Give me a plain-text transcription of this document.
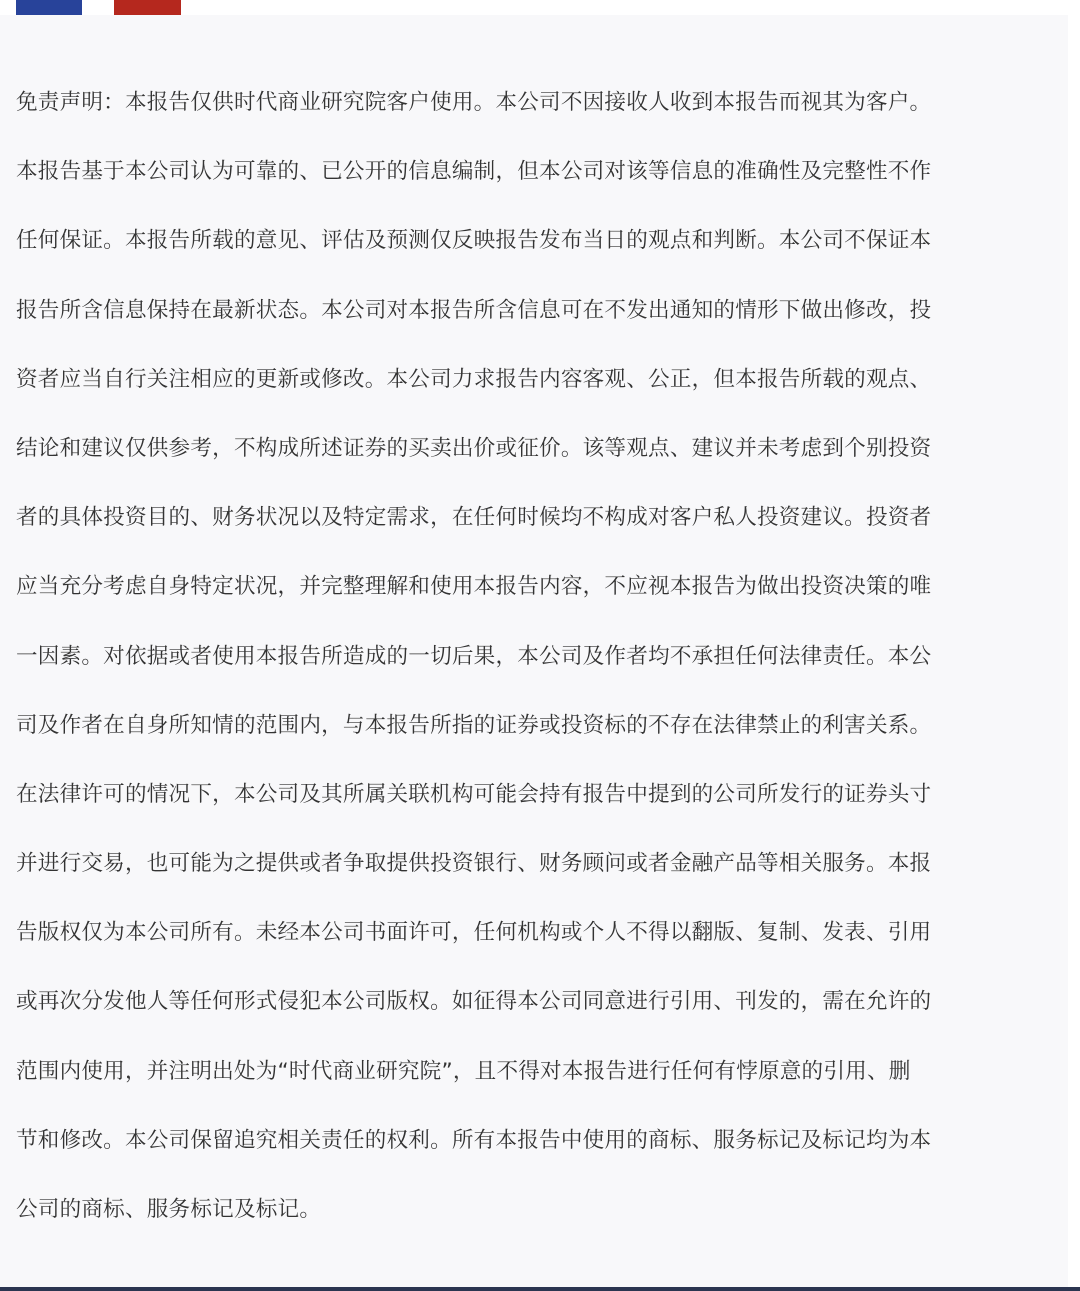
免责声明：本报告仅供时代商业研究院客户使用。本公司不因接收人收到本报告而视其为客户。
本报告基于本公司认为可靠的、已公开的信息编制，但本公司对该等信息的准确性及完整性不作
任何保证。本报告所载的意见、评估及预测仅反映报告发布当日的观点和判断。本公司不保证本
报告所含信息保持在最新状态。本公司对本报告所含信息可在不发出通知的情形下做出修改，投
资者应当自行关注相应的更新或修改。本公司力求报告内容客观、公正，但本报告所载的观点、
结论和建议仅供参考，不构成所述证券的买卖出价或征价。该等观点、建议并未考虑到个别投资
者的具体投资目的、财务状况以及特定需求，在任何时候均不构成对客户私人投资建议。投资者
应当充分考虑自身特定状况，并完整理解和使用本报告内容，不应视本报告为做出投资决策的唯
一因素。对依据或者使用本报告所造成的一切后果，本公司及作者均不承担任何法律责任。本公
司及作者在自身所知情的范围内，与本报告所指的证券或投资标的不存在法律禁止的利害关系。
在法律许可的情况下，本公司及其所属关联机构可能会持有报告中提到的公司所发行的证券头寸
并进行交易，也可能为之提供或者争取提供投资银行、财务顾问或者金融产品等相关服务。本报
告版权仅为本公司所有。未经本公司书面许可，任何机构或个人不得以翻版、复制、发表、引用
或再次分发他人等任何形式侵犯本公司版权。如征得本公司同意进行引用、刊发的，需在允许的
范围内使用，并注明出处为“时代商业研究院”，且不得对本报告进行任何有悖原意的引用、删
节和修改。本公司保留追究相关责任的权利。所有本报告中使用的商标、服务标记及标记均为本
公司的商标、服务标记及标记。
